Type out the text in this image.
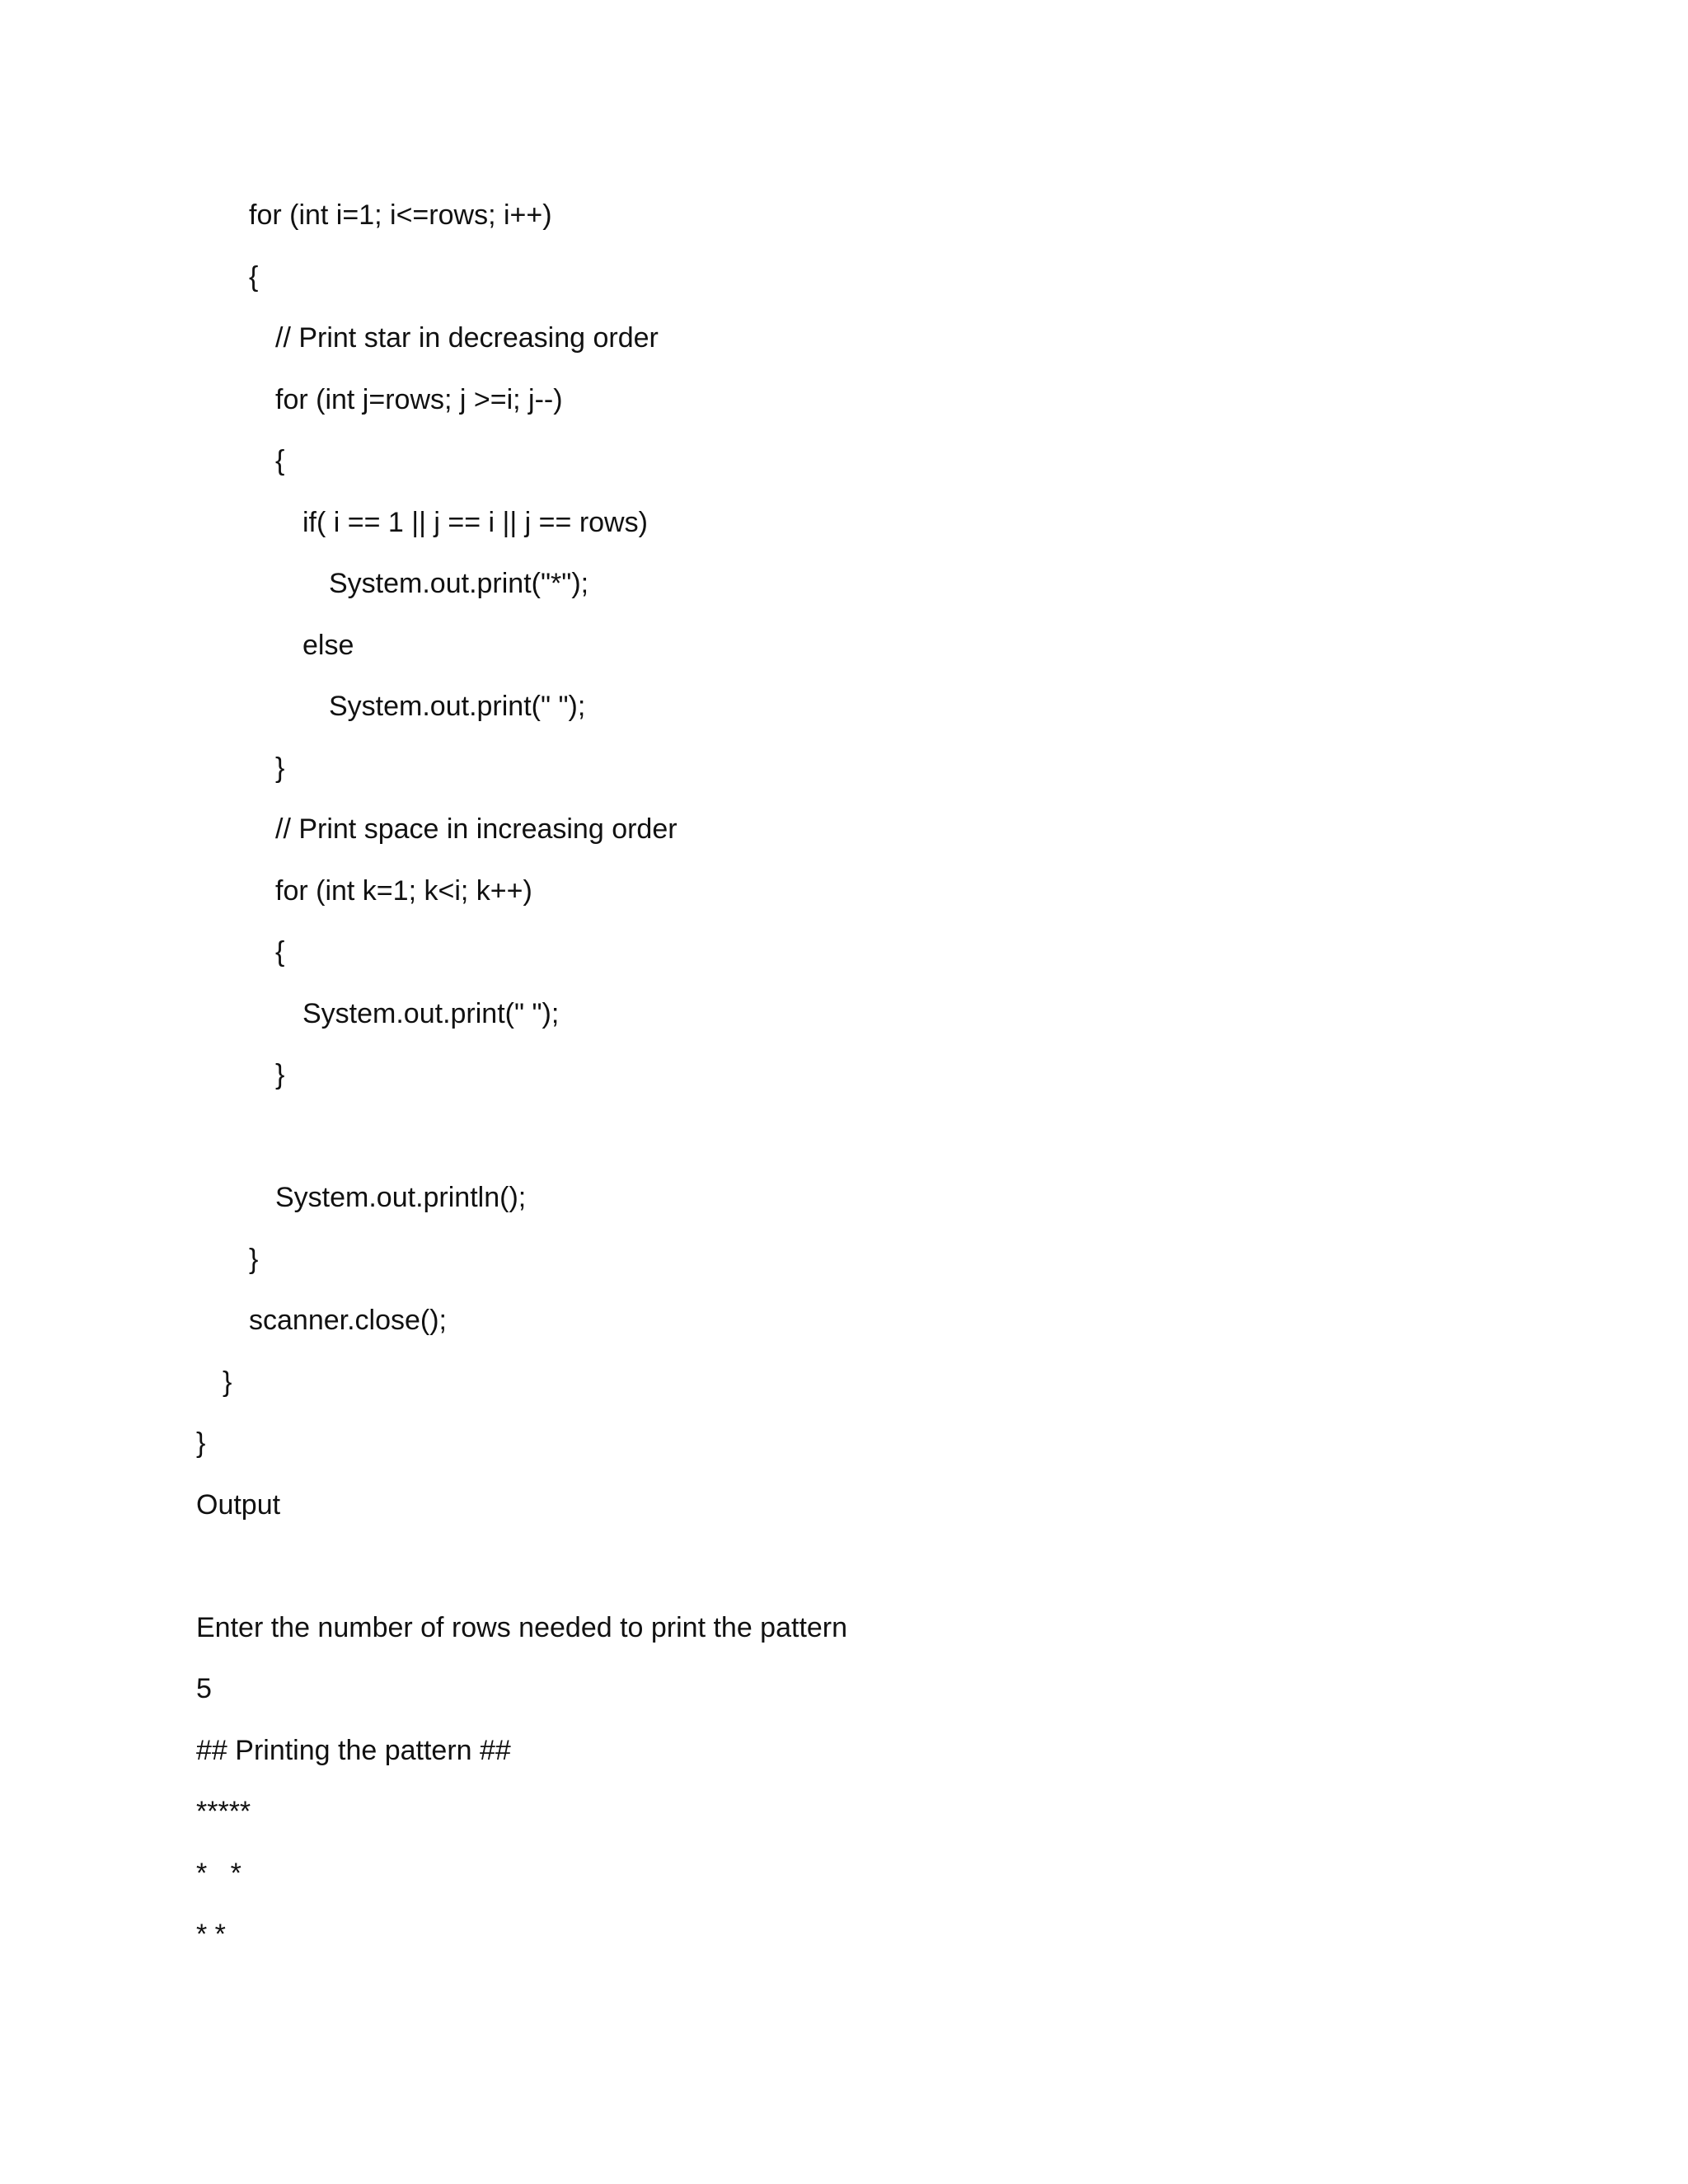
for (int i=1; i<=rows; i++)
{
// Print star in decreasing order
for (int j=rows; j >=i; j--)
{
if( i == 1 || j == i || j == rows)
System.out.print("*");
else
System.out.print(" ");
}
// Print space in increasing order
for (int k=1; k<i; k++)
{
System.out.print(" ");
}
System.out.println();
}
scanner.close();
}
}
Output
Enter the number of rows needed to print the pattern
5
## Printing the pattern ##
*****
*   *
* *
